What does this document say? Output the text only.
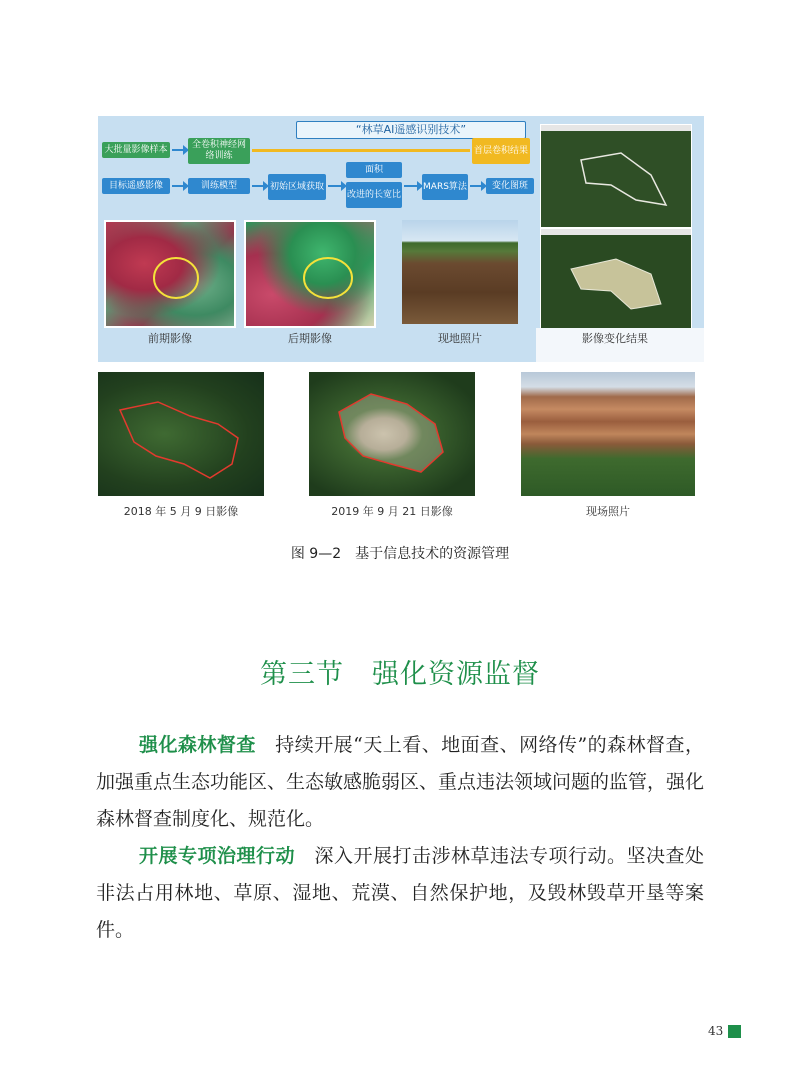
“林草AI遥感识别技术”
大批量影像样本	全卷积神经网络训练
首层卷积结果
目标遥感影像	训练模型	初始区域获取
面积
改进的长宽比
MARS算法	变化图斑
前期影像	后期影像	现地照片	影像变化结果
2018 年 5 月 9 日影像	2019 年 9 月 21 日影像	现场照片
图 9—2　基于信息技术的资源管理
第三节　强化资源监督
强化森林督查　持续开展“天上看、地面查、网络传”的森林督查，加强重点生态功能区、生态敏感脆弱区、重点违法领域问题的监管，强化森林督查制度化、规范化。
开展专项治理行动　深入开展打击涉林草违法专项行动。坚决查处非法占用林地、草原、湿地、荒漠、自然保护地，及毁林毁草开垦等案件。
43
